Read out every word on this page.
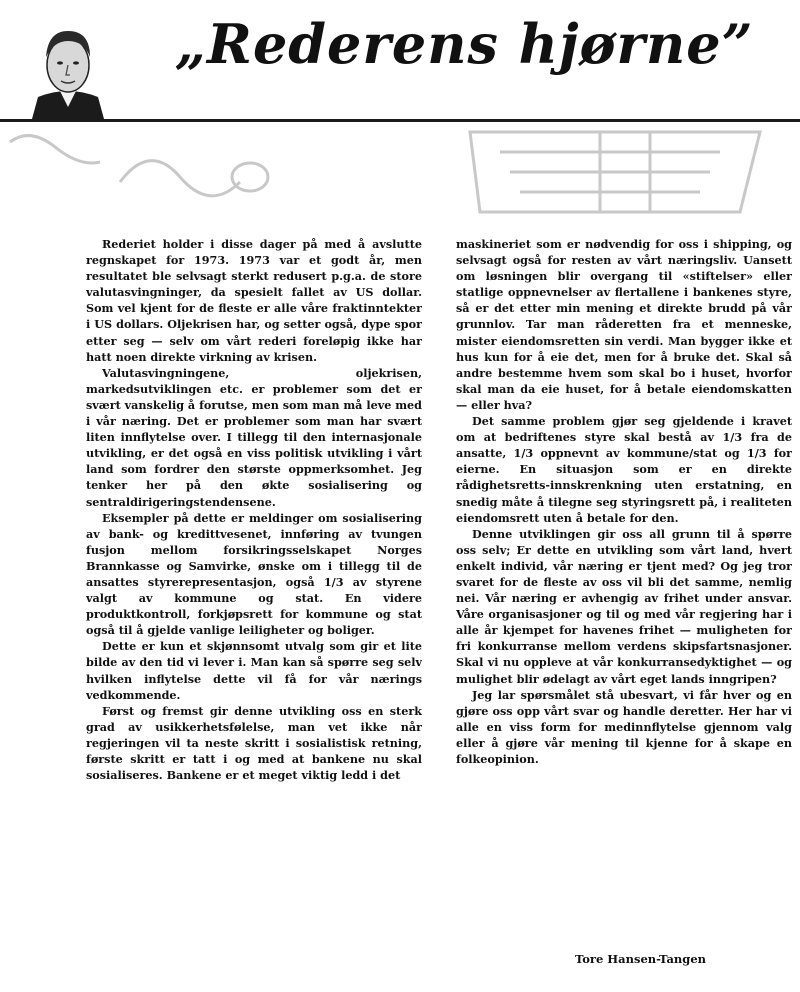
„Rederens hjørne”

Rederiet holder i disse dager på med å avslutte regnskapet for 1973. 1973 var et godt år, men resultatet ble selvsagt sterkt redusert p.g.a. de store valutasvingninger, da spesielt fallet av US dollar. Som vel kjent for de fleste er alle våre fraktinntekter i US dollars. Oljekrisen har, og setter også, dype spor etter seg — selv om vårt rederi foreløpig ikke har hatt noen direkte virkning av krisen.

Valutasvingningene, oljekrisen, markedsutviklingen etc. er problemer som det er svært vanskelig å forutse, men som man må leve med i vår næring. Det er problemer som man har svært liten innflytelse over. I tillegg til den internasjonale utvikling, er det også en viss politisk utvikling i vårt land som fordrer den største oppmerksomhet. Jeg tenker her på den økte sosialisering og sentraldirigeringstendensene.

Eksempler på dette er meldinger om sosialisering av bank- og kredittvesenet, innføring av tvungen fusjon mellom forsikringsselskapet Norges Brannkasse og Samvirke, ønske om i tillegg til de ansattes styrerepresentasjon, også 1/3 av styrene valgt av kommune og stat. En videre produktkontroll, forkjøpsrett for kommune og stat også til å gjelde vanlige leiligheter og boliger.

Dette er kun et skjønnsomt utvalg som gir et lite bilde av den tid vi lever i. Man kan så spørre seg selv hvilken inflytelse dette vil få for vår nærings vedkommende.

Først og fremst gir denne utvikling oss en sterk grad av usikkerhetsfølelse, man vet ikke når regjeringen vil ta neste skritt i sosialistisk retning, første skritt er tatt i og med at bankene nu skal sosialiseres. Bankene er et meget viktig ledd i det

maskineriet som er nødvendig for oss i shipping, og selvsagt også for resten av vårt næringsliv. Uansett om løsningen blir overgang til «stiftelser» eller statlige oppnevnelser av flertallene i bankenes styre, så er det etter min mening et direkte brudd på vår grunnlov. Tar man råderetten fra et menneske, mister eiendomsretten sin verdi. Man bygger ikke et hus kun for å eie det, men for å bruke det. Skal så andre bestemme hvem som skal bo i huset, hvorfor skal man da eie huset, for å betale eiendomskatten — eller hva?

Det samme problem gjør seg gjeldende i kravet om at bedriftenes styre skal bestå av 1/3 fra de ansatte, 1/3 oppnevnt av kommune/stat og 1/3 for eierne. En situasjon som er en direkte rådighetsretts-innskrenkning uten erstatning, en snedig måte å tilegne seg styringsrett på, i realiteten eiendomsrett uten å betale for den.

Denne utviklingen gir oss all grunn til å spørre oss selv; Er dette en utvikling som vårt land, hvert enkelt individ, vår næring er tjent med? Og jeg tror svaret for de fleste av oss vil bli det samme, nemlig nei. Vår næring er avhengig av frihet under ansvar. Våre organisasjoner og til og med vår regjering har i alle år kjempet for havenes frihet — muligheten for fri konkurranse mellom verdens skipsfartsnasjoner. Skal vi nu oppleve at vår konkurransedyktighet — og mulighet blir ødelagt av vårt eget lands inngripen?

Jeg lar spørsmålet stå ubesvart, vi får hver og en gjøre oss opp vårt svar og handle deretter. Her har vi alle en viss form for medinnflytelse gjennom valg eller å gjøre vår mening til kjenne for å skape en folkeopinion.

Tore Hansen-Tangen
